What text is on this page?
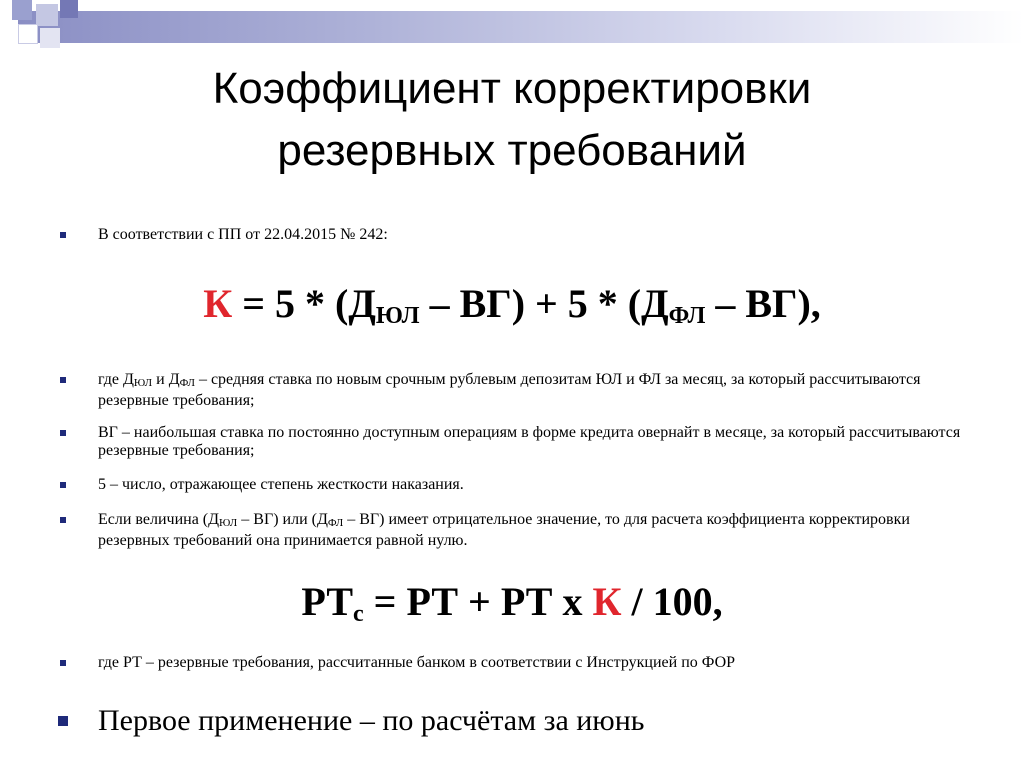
Коэффициент корректировки
резервных требований
В соответствии с ПП от 22.04.2015 № 242:
К = 5 * (ДЮЛ – ВГ) + 5 * (ДФЛ – ВГ),
где ДЮЛ и ДФЛ – средняя ставка по новым срочным рублевым депозитам ЮЛ и ФЛ за месяц, за который рассчитываются резервные требования;
ВГ – наибольшая ставка по постоянно доступным операциям в форме кредита овернайт в месяце, за который рассчитываются резервные требования;
5 – число, отражающее степень жесткости наказания.
Если величина (ДЮЛ – ВГ) или (ДФЛ – ВГ) имеет отрицательное значение, то для расчета коэффициента корректировки резервных требований она принимается равной нулю.
РТс = РТ + РТ х К / 100,
где РТ – резервные требования, рассчитанные банком в соответствии с Инструкцией по ФОР
Первое применение – по расчётам за июнь
